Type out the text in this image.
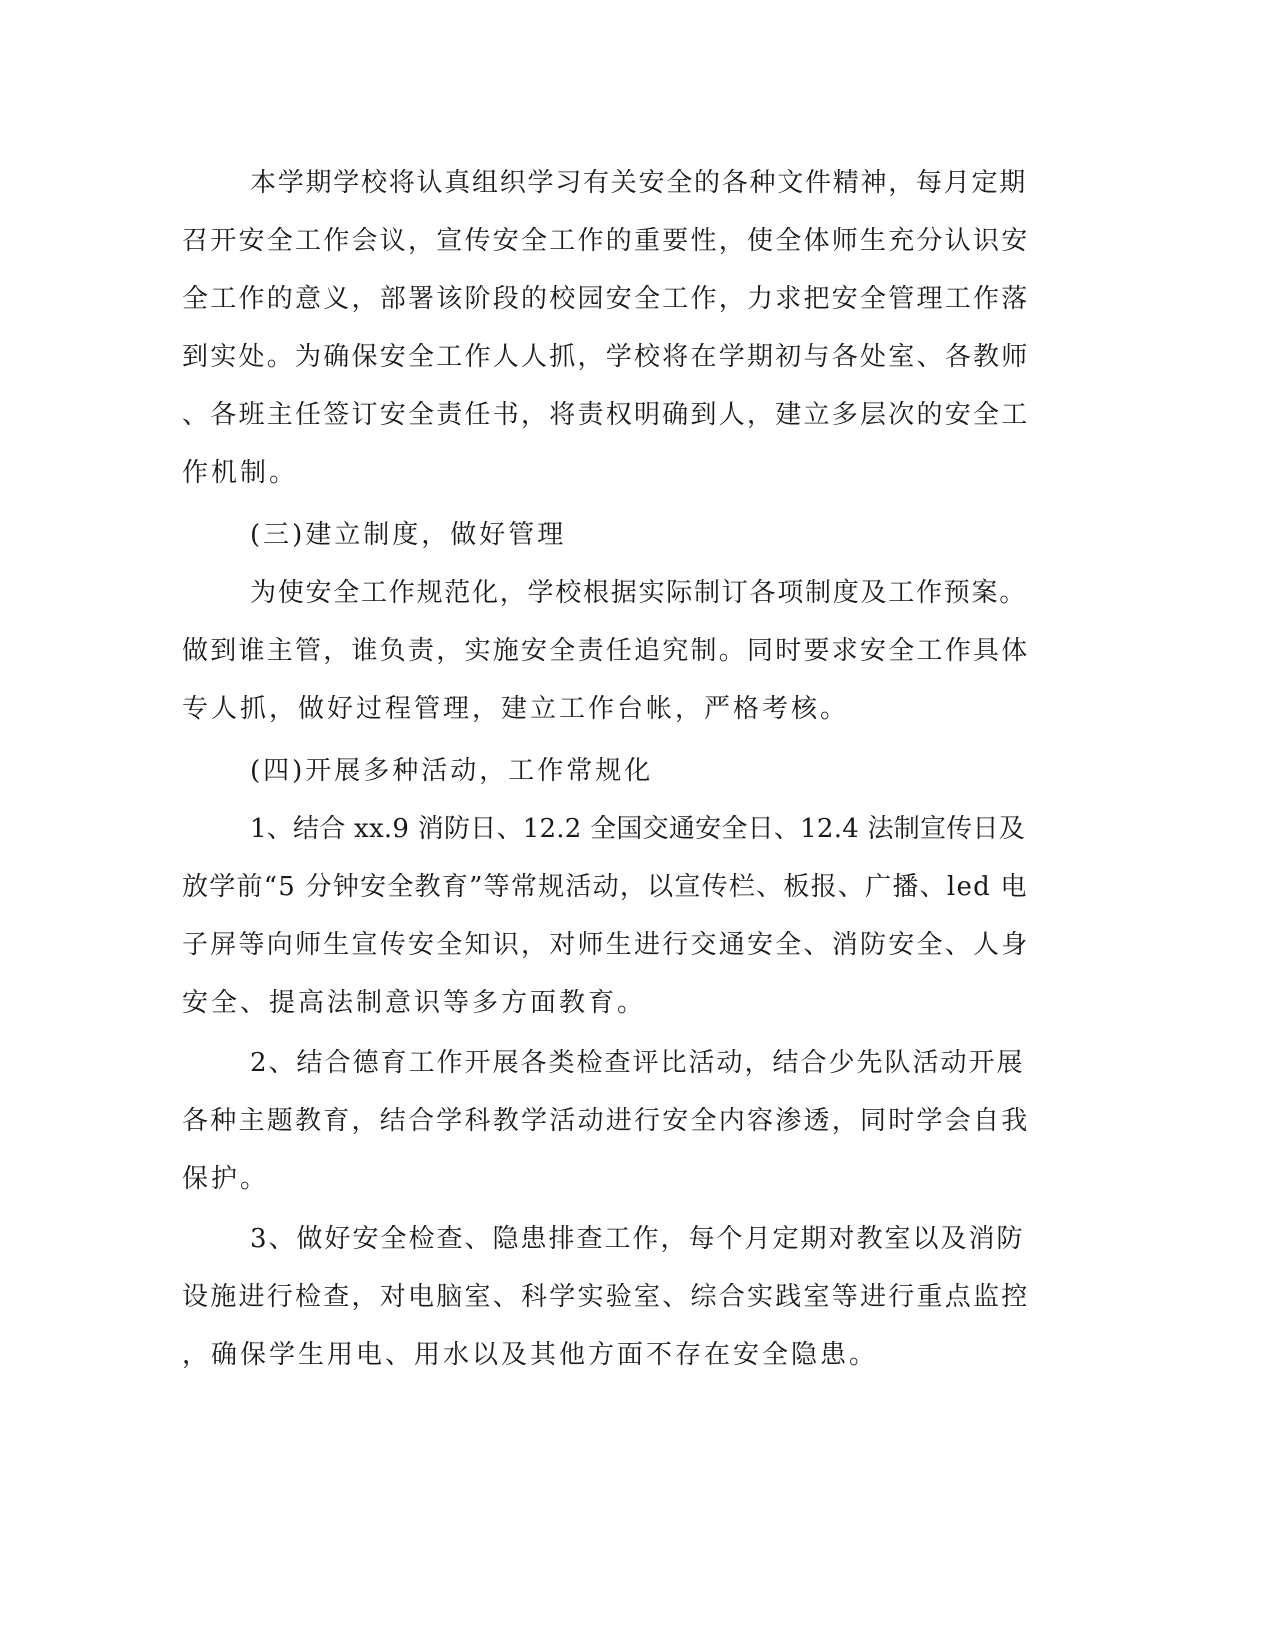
本学期学校将认真组织学习有关安全的各种文件精神，每月定期

召开安全工作会议，宣传安全工作的重要性，使全体师生充分认识安

全工作的意义，部署该阶段的校园安全工作，力求把安全管理工作落

到实处。为确保安全工作人人抓，学校将在学期初与各处室、各教师

、各班主任签订安全责任书，将责权明确到人，建立多层次的安全工

作机制。

(三)建立制度，做好管理

为使安全工作规范化，学校根据实际制订各项制度及工作预案。

做到谁主管，谁负责，实施安全责任追究制。同时要求安全工作具体

专人抓，做好过程管理，建立工作台帐，严格考核。

(四)开展多种活动，工作常规化

1、结合 xx.9 消防日、12.2 全国交通安全日、12.4 法制宣传日及

放学前“5 分钟安全教育”等常规活动，以宣传栏、板报、广播、led 电

子屏等向师生宣传安全知识，对师生进行交通安全、消防安全、人身

安全、提高法制意识等多方面教育。

2、结合德育工作开展各类检查评比活动，结合少先队活动开展

各种主题教育，结合学科教学活动进行安全内容渗透，同时学会自我

保护。

3、做好安全检查、隐患排查工作，每个月定期对教室以及消防

设施进行检查，对电脑室、科学实验室、综合实践室等进行重点监控

，确保学生用电、用水以及其他方面不存在安全隐患。
